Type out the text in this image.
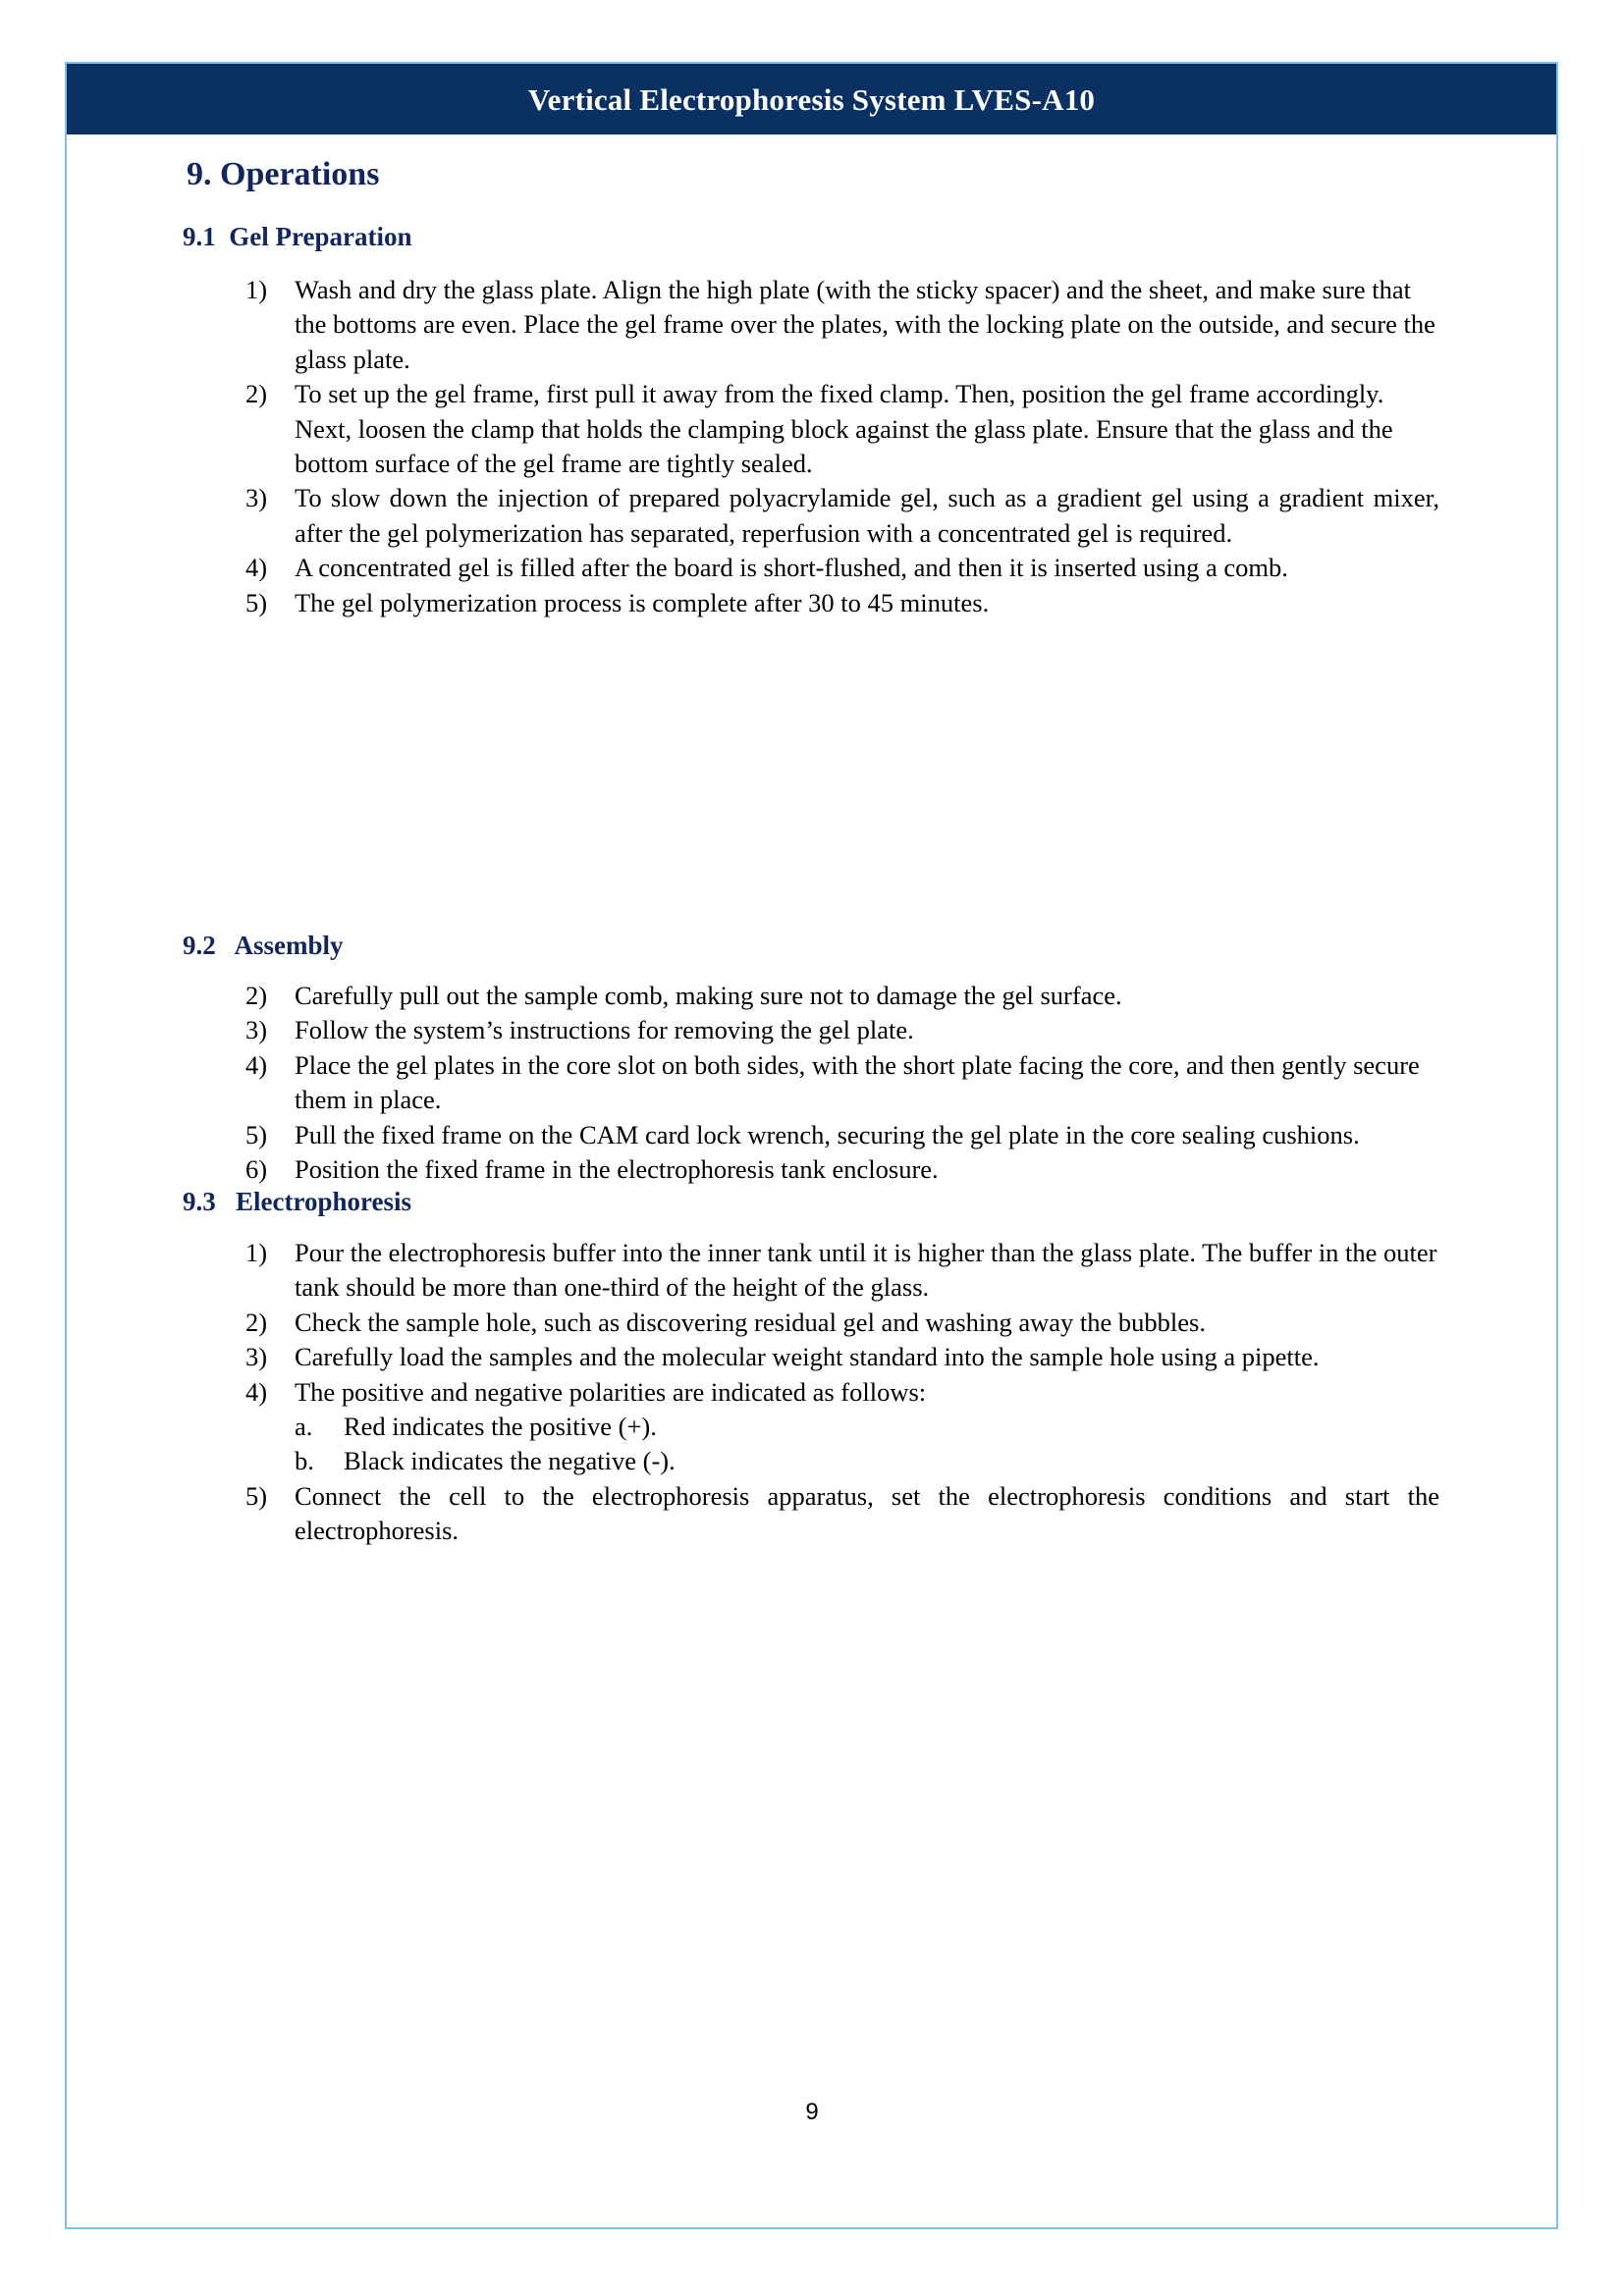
Vertical Electrophoresis System LVES-A10
9. Operations
9.1  Gel Preparation
1)	Wash and dry the glass plate. Align the high plate (with the sticky spacer) and the sheet, and make sure that the bottoms are even. Place the gel frame over the plates, with the locking plate on the outside, and secure the glass plate.
2)	To set up the gel frame, first pull it away from the fixed clamp. Then, position the gel frame accordingly. Next, loosen the clamp that holds the clamping block against the glass plate. Ensure that the glass and the bottom surface of the gel frame are tightly sealed.
3)	To slow down the injection of prepared polyacrylamide gel, such as a gradient gel using a gradient mixer, after the gel polymerization has separated, reperfusion with a concentrated gel is required.
4)	A concentrated gel is filled after the board is short-flushed, and then it is inserted using a comb.
5)	The gel polymerization process is complete after 30 to 45 minutes.
9.2   Assembly
2)	Carefully pull out the sample comb, making sure not to damage the gel surface.
3)	Follow the system’s instructions for removing the gel plate.
4)	Place the gel plates in the core slot on both sides, with the short plate facing the core, and then gently secure them in place.
5)	Pull the fixed frame on the CAM card lock wrench, securing the gel plate in the core sealing cushions.
6)	Position the fixed frame in the electrophoresis tank enclosure.
9.3   Electrophoresis
1)	Pour the electrophoresis buffer into the inner tank until it is higher than the glass plate. The buffer in the outer tank should be more than one-third of the height of the glass.
2)	Check the sample hole, such as discovering residual gel and washing away the bubbles.
3)	Carefully load the samples and the molecular weight standard into the sample hole using a pipette.
4)	The positive and negative polarities are indicated as follows:
a.	Red indicates the positive (+).
b.	Black indicates the negative (-).
5)	Connect the cell to the electrophoresis apparatus, set the electrophoresis conditions and start the electrophoresis.
9
